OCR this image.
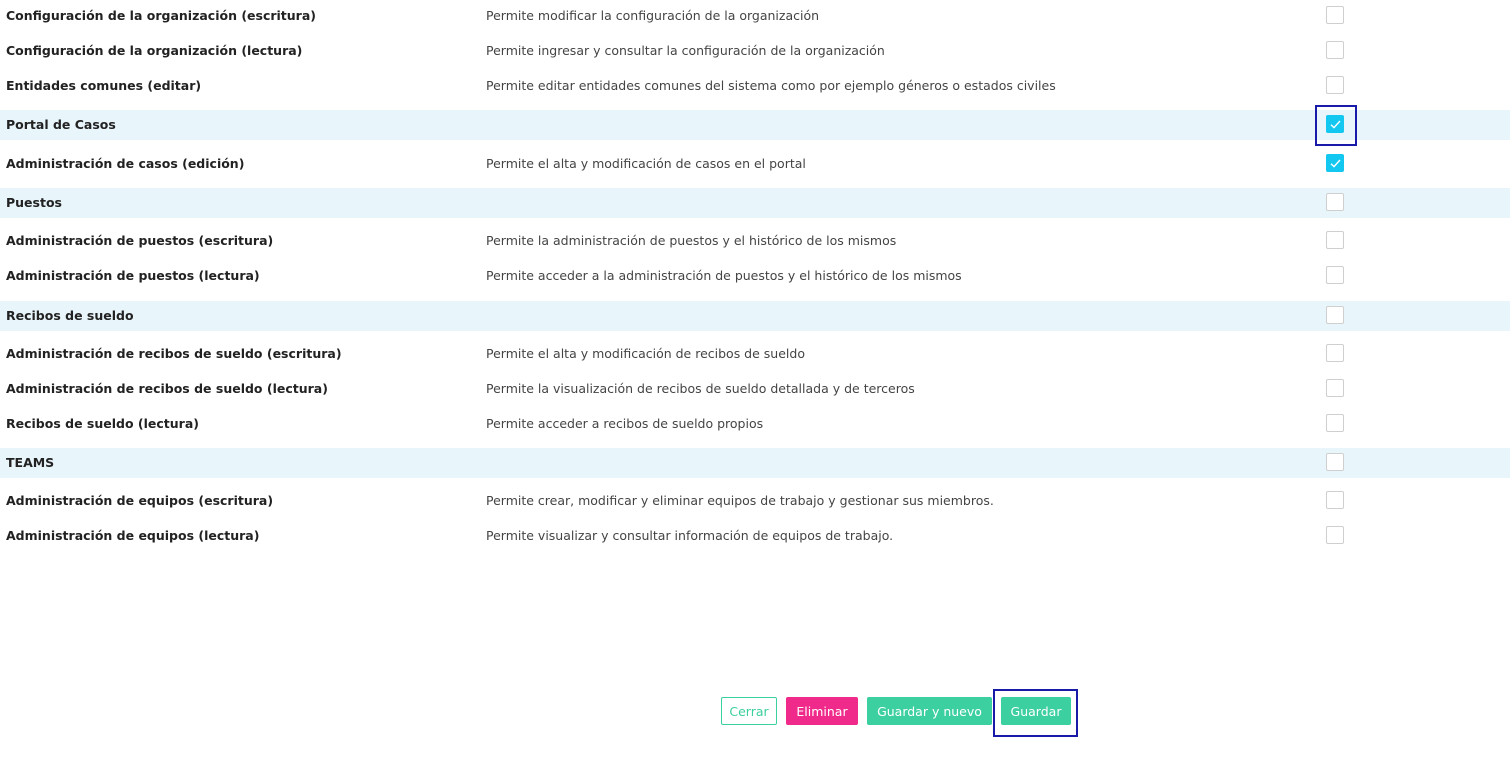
Configuración de la organización (escritura)	Permite modificar la configuración de la organización
Configuración de la organización (lectura)	Permite ingresar y consultar la configuración de la organización
Entidades comunes (editar)	Permite editar entidades comunes del sistema como por ejemplo géneros o estados civiles
Portal de Casos
Administración de casos (edición)	Permite el alta y modificación de casos en el portal
Puestos
Administración de puestos (escritura)	Permite la administración de puestos y el histórico de los mismos
Administración de puestos (lectura)	Permite acceder a la administración de puestos y el histórico de los mismos
Recibos de sueldo
Administración de recibos de sueldo (escritura)	Permite el alta y modificación de recibos de sueldo
Administración de recibos de sueldo (lectura)	Permite la visualización de recibos de sueldo detallada y de terceros
Recibos de sueldo (lectura)	Permite acceder a recibos de sueldo propios
TEAMS
Administración de equipos (escritura)	Permite crear, modificar y eliminar equipos de trabajo y gestionar sus miembros.
Administración de equipos (lectura)	Permite visualizar y consultar información de equipos de trabajo.
Cerrar	Eliminar	Guardar y nuevo	Guardar
